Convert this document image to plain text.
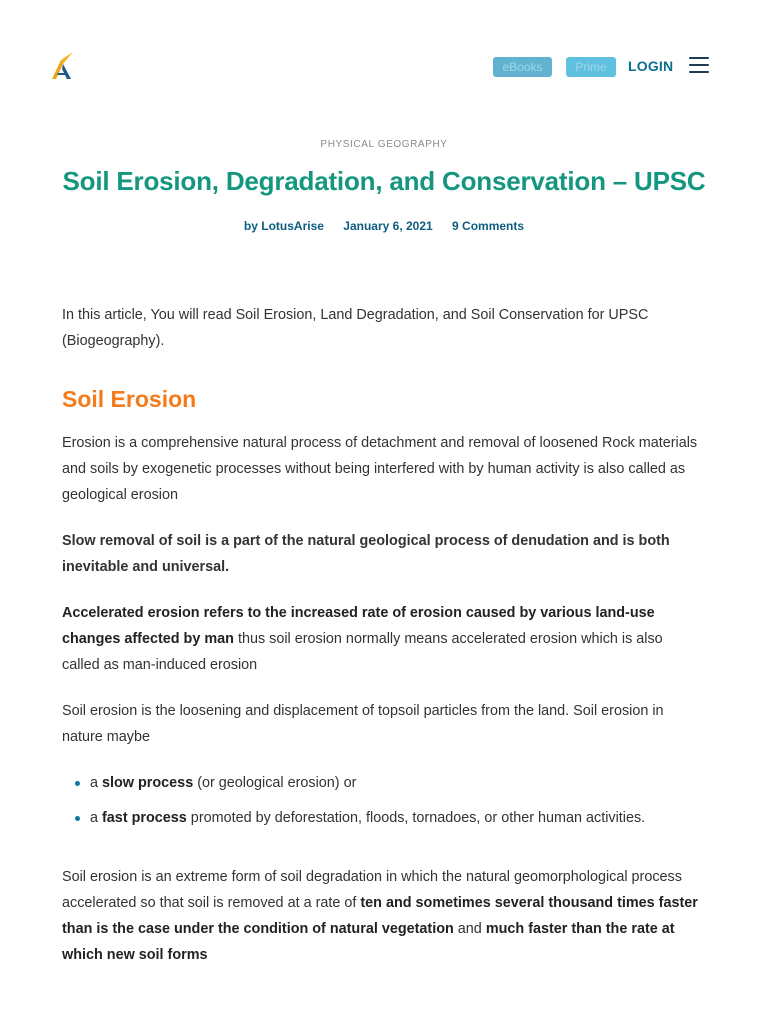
eBooks	Prime	LOGIN
PHYSICAL GEOGRAPHY
Soil Erosion, Degradation, and Conservation – UPSC
by LotusArise January 6, 2021 9 Comments

In this article, You will read Soil Erosion, Land Degradation, and Soil Conservation for UPSC (Biogeography).

Soil Erosion

Erosion is a comprehensive natural process of detachment and removal of loosened Rock materials and soils by exogenetic processes without being interfered with by human activity is also called as geological erosion

Slow removal of soil is a part of the natural geological process of denudation and is both inevitable and universal.

Accelerated erosion refers to the increased rate of erosion caused by various land-use changes affected by man thus soil erosion normally means accelerated erosion which is also called as man-induced erosion

Soil erosion is the loosening and displacement of topsoil particles from the land. Soil erosion in nature maybe

a slow process (or geological erosion) or
a fast process promoted by deforestation, floods, tornadoes, or other human activities.

Soil erosion is an extreme form of soil degradation in which the natural geomorphological process accelerated so that soil is removed at a rate of ten and sometimes several thousand times faster than is the case under the condition of natural vegetation and much faster than the rate at which new soil forms
